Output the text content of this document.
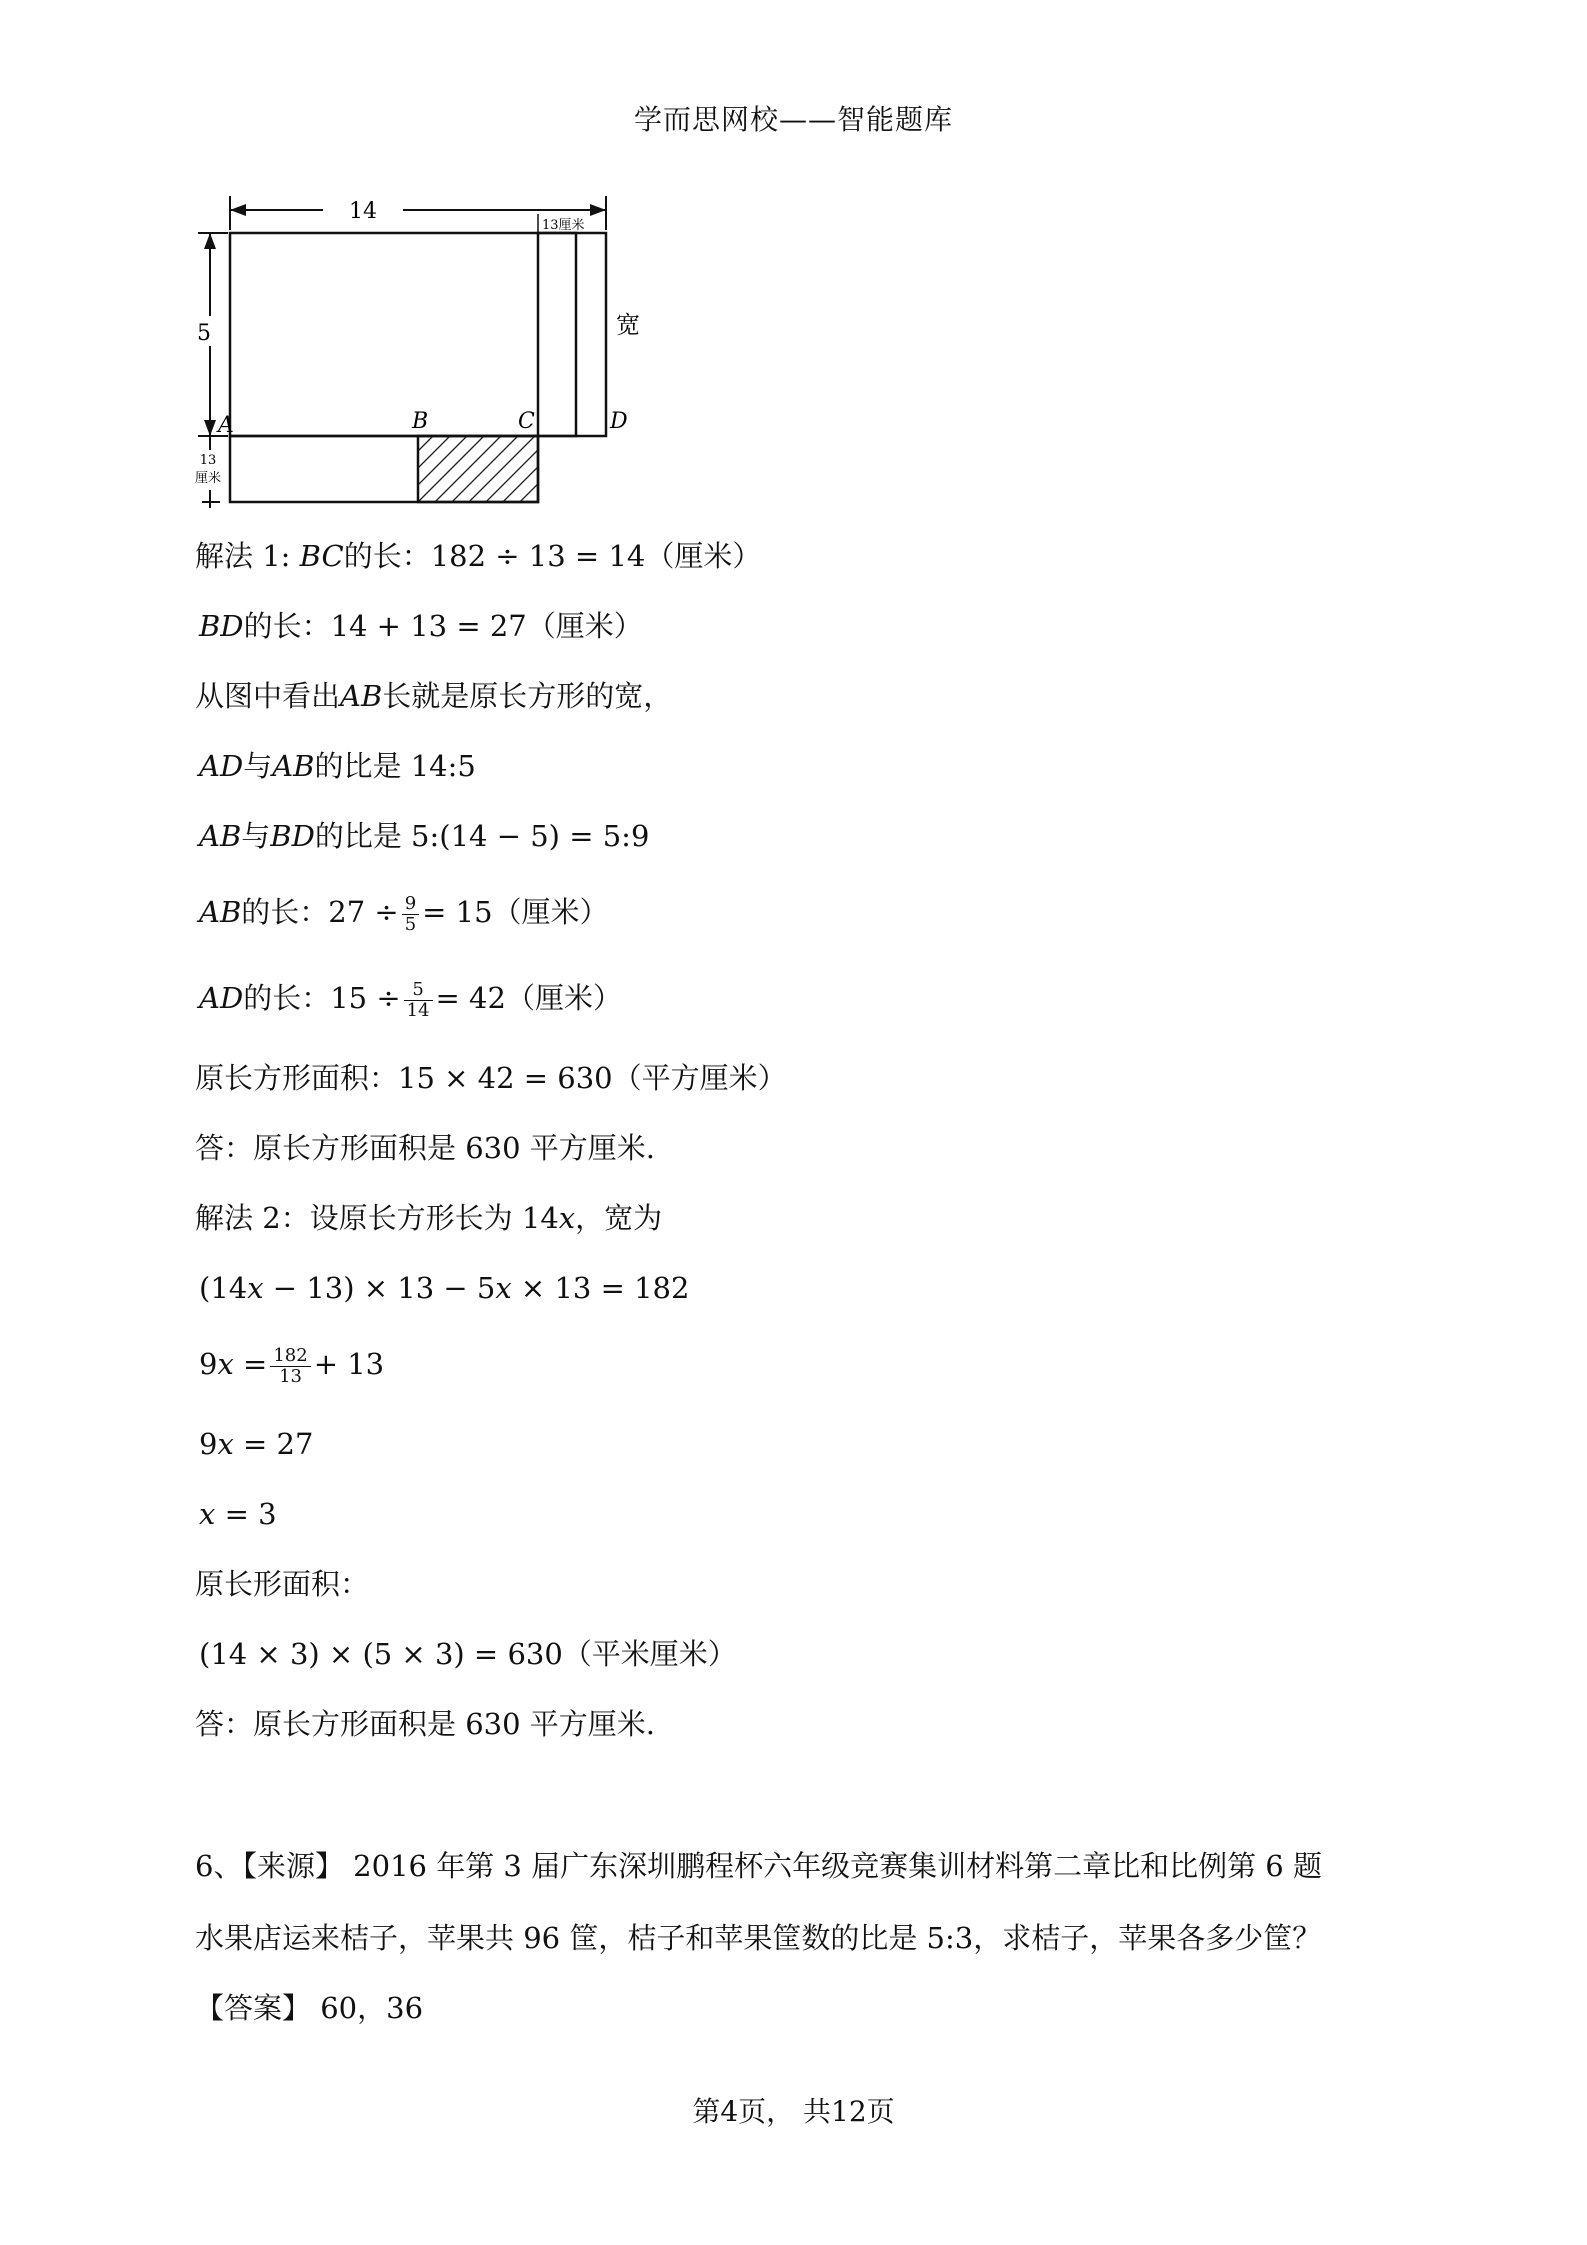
学而思网校——智能题库
14
13厘米
5
13
厘米
宽
A	B	C	D
解法 1: BC的长：182 ÷ 13 = 14（厘米）
BD的长：14 + 13 = 27（厘米）
从图中看出AB长就是原长方形的宽，
AD与AB的比是 14:5
AB与BD的比是 5:(14 − 5) = 5:9
AB的长：$27 \div \frac{9}{5} = 15$（厘米）
AD的长：$15 \div \frac{5}{14} = 42$（厘米）
原长方形面积：15 × 42 = 630（平方厘米）
答：原长方形面积是 630 平方厘米.
解法 2：设原长方形长为 14x，宽为
(14x − 13) × 13 − 5x × 13 = 182
$9x = \frac{182}{13} + 13$
9x = 27
x = 3
原长形面积：
(14 × 3) × (5 × 3) = 630（平米厘米）
答：原长方形面积是 630 平方厘米.
6、【来源】 2016 年第 3 届广东深圳鹏程杯六年级竞赛集训材料第二章比和比例第 6 题
水果店运来桔子，苹果共 96 筐，桔子和苹果筐数的比是 5:3，求桔子，苹果各多少筐？
【答案】 60，36
第4页， 共12页
